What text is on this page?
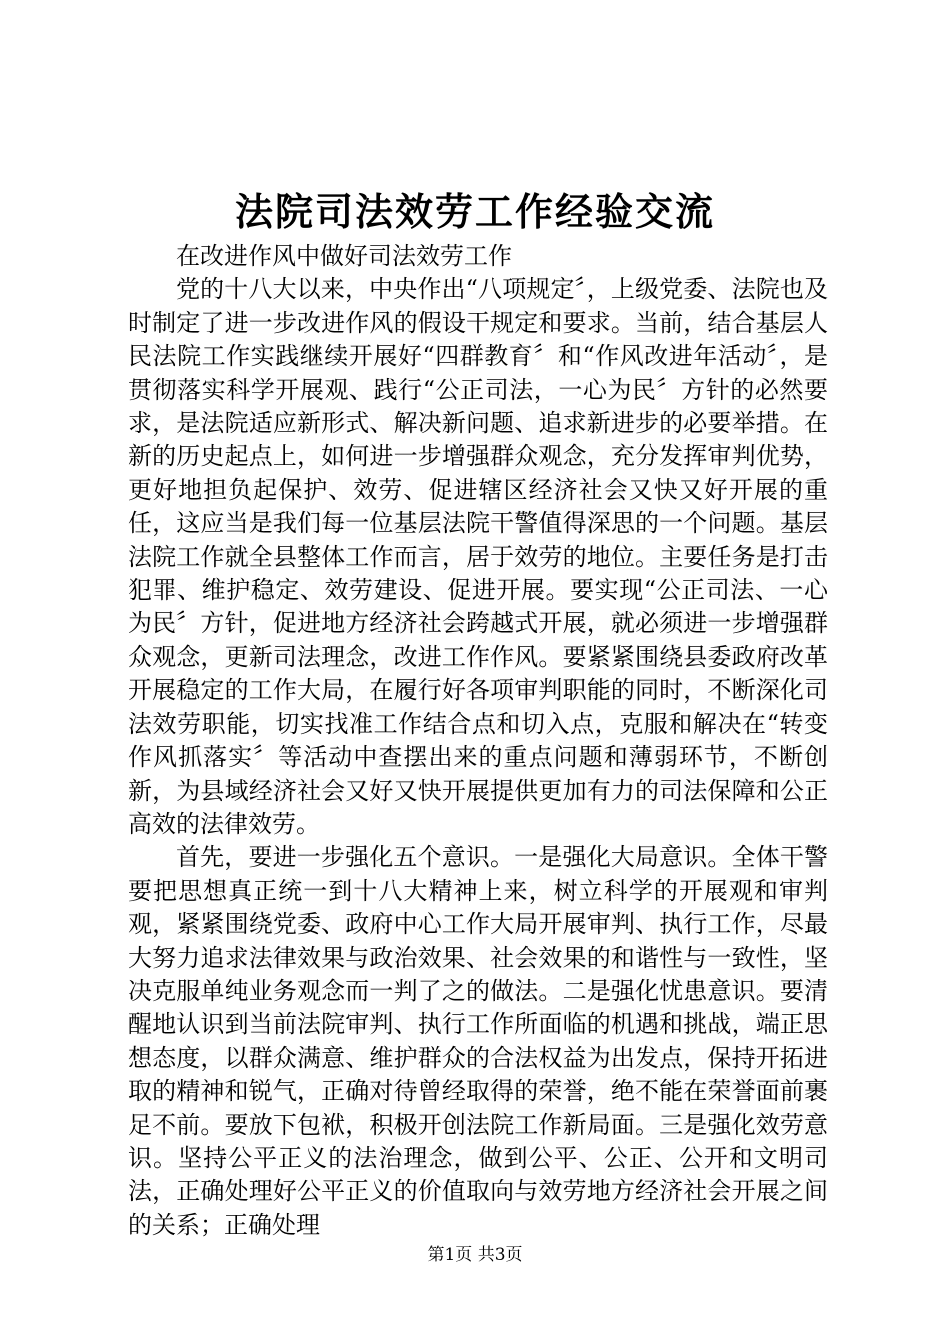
法院司法效劳工作经验交流

在改进作风中做好司法效劳工作

党的十八大以来，中央作出“八项规定〞，上级党委、法院也及时制定了进一步改进作风的假设干规定和要求。当前，结合基层人民法院工作实践继续开展好“四群教育〞和“作风改进年活动〞，是贯彻落实科学开展观、践行“公正司法，一心为民〞方针的必然要求，是法院适应新形式、解决新问题、追求新进步的必要举措。在新的历史起点上，如何进一步增强群众观念，充分发挥审判优势，更好地担负起保护、效劳、促进辖区经济社会又快又好开展的重任，这应当是我们每一位基层法院干警值得深思的一个问题。基层法院工作就全县整体工作而言，居于效劳的地位。主要任务是打击犯罪、维护稳定、效劳建设、促进开展。要实现“公正司法、一心为民〞方针，促进地方经济社会跨越式开展，就必须进一步增强群众观念，更新司法理念，改进工作作风。要紧紧围绕县委政府改革开展稳定的工作大局，在履行好各项审判职能的同时，不断深化司法效劳职能，切实找准工作结合点和切入点，克服和解决在“转变作风抓落实〞等活动中查摆出来的重点问题和薄弱环节，不断创新，为县域经济社会又好又快开展提供更加有力的司法保障和公正高效的法律效劳。

首先，要进一步强化五个意识。一是强化大局意识。全体干警要把思想真正统一到十八大精神上来，树立科学的开展观和审判观，紧紧围绕党委、政府中心工作大局开展审判、执行工作，尽最大努力追求法律效果与政治效果、社会效果的和谐性与一致性，坚决克服单纯业务观念而一判了之的做法。二是强化忧患意识。要清醒地认识到当前法院审判、执行工作所面临的机遇和挑战，端正思想态度，以群众满意、维护群众的合法权益为出发点，保持开拓进取的精神和锐气，正确对待曾经取得的荣誉，绝不能在荣誉面前裹足不前。要放下包袱，积极开创法院工作新局面。三是强化效劳意识。坚持公平正义的法治理念，做到公平、公正、公开和文明司法，正确处理好公平正义的价值取向与效劳地方经济社会开展之间的关系；正确处理

第1页 共3页
